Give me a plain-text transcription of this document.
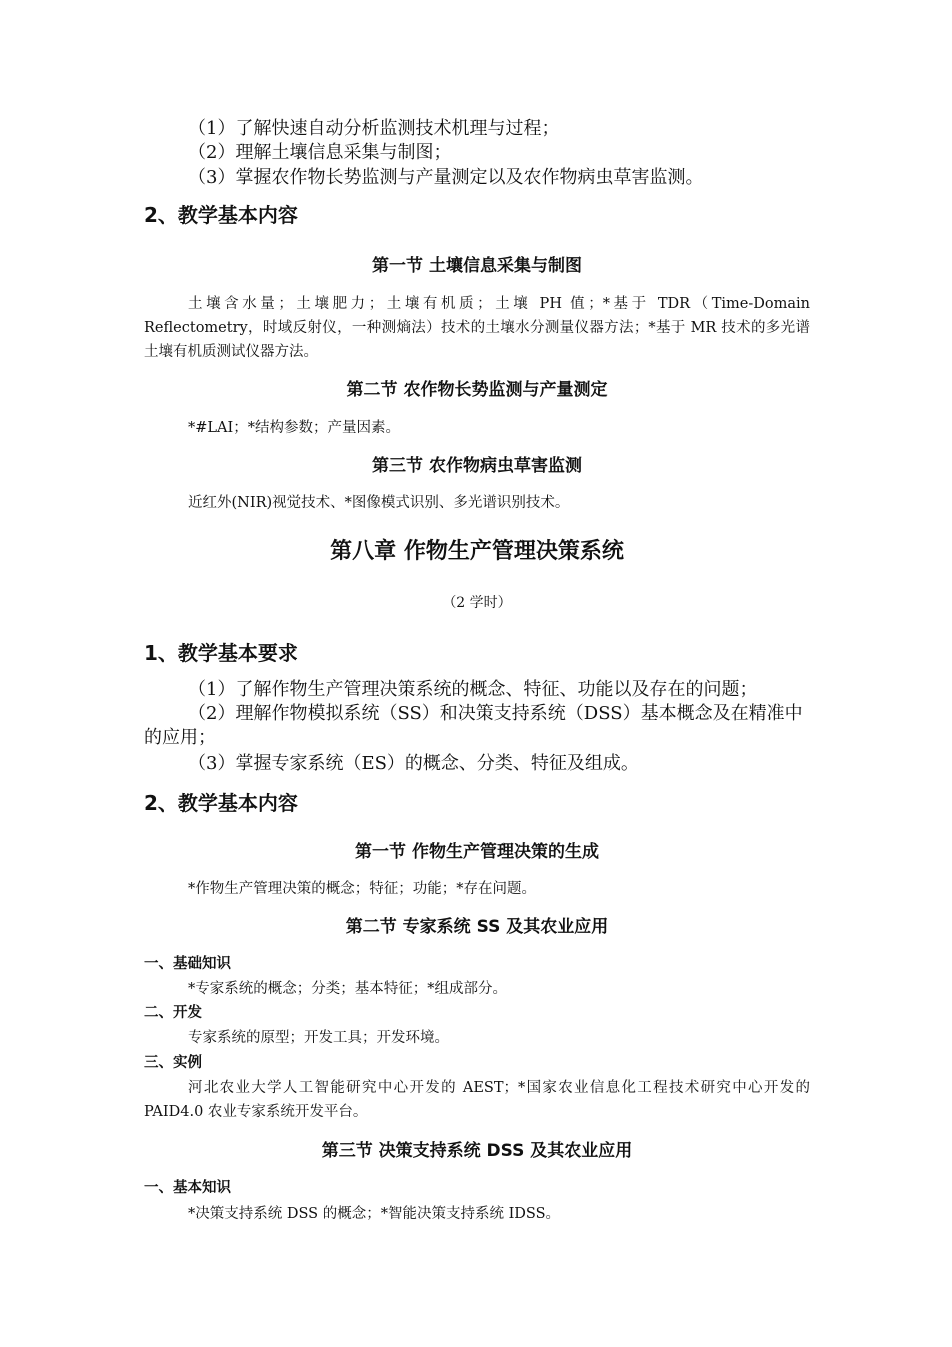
（1）了解快速自动分析监测技术机理与过程；

（2）理解土壤信息采集与制图；

（3）掌握农作物长势监测与产量测定以及农作物病虫草害监测。

2、教学基本内容
第一节 土壤信息采集与制图

土壤含水量；土壤肥力；土壤有机质；土壤 PH 值；*基于 TDR（Time-Domain Reflectometry，时域反射仪，一种测熵法）技术的土壤水分测量仪器方法；*基于 MR 技术的多光谱土壤有机质测试仪器方法。

第二节 农作物长势监测与产量测定

*#LAI；*结构参数；产量因素。

第三节 农作物病虫草害监测

近红外(NIR)视觉技术、*图像模式识别、多光谱识别技术。

第八章 作物生产管理决策系统

（2 学时）

1、教学基本要求

（1）了解作物生产管理决策系统的概念、特征、功能以及存在的问题；

（2）理解作物模拟系统（SS）和决策支持系统（DSS）基本概念及在精准中的应用；

（3）掌握专家系统（ES）的概念、分类、特征及组成。

2、教学基本内容
第一节 作物生产管理决策的生成

*作物生产管理决策的概念；特征；功能；*存在问题。

第二节 专家系统 SS 及其农业应用
一、基础知识

*专家系统的概念；分类；基本特征；*组成部分。

二、开发

专家系统的原型；开发工具；开发环境。

三、实例

河北农业大学人工智能研究中心开发的 AEST；*国家农业信息化工程技术研究中心开发的 PAID4.0 农业专家系统开发平台。

第三节 决策支持系统 DSS 及其农业应用
一、基本知识

*决策支持系统 DSS 的概念；*智能决策支持系统 IDSS。
